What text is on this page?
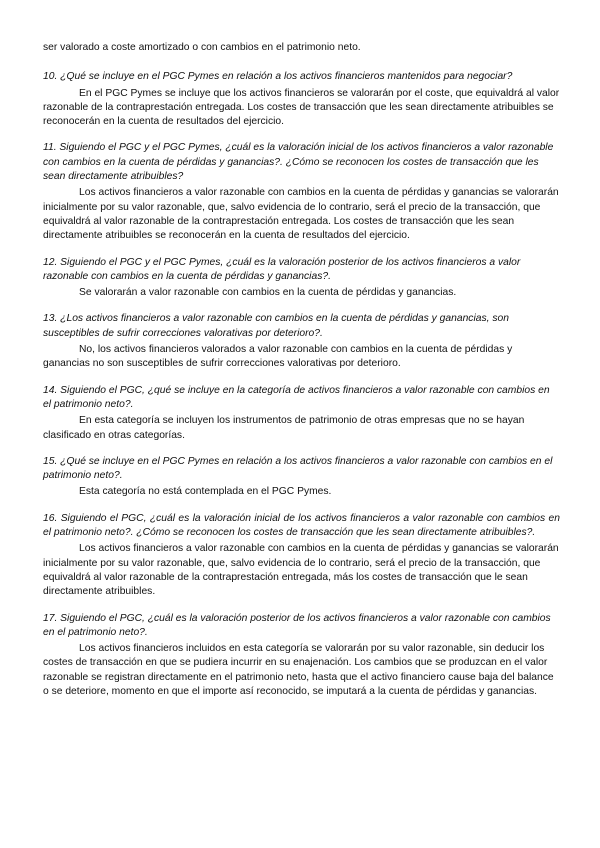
ser valorado a coste amortizado o con cambios en el patrimonio neto.

10. ¿Qué se incluye en el PGC Pymes en relación a los activos financieros mantenidos para negociar?

En el PGC Pymes se incluye que los activos financieros se valorarán por el coste, que equivaldrá al valor razonable de la contraprestación entregada. Los costes de transacción que les sean directamente atribuibles se reconocerán en la cuenta de resultados del ejercicio.

11. Siguiendo el PGC y el PGC Pymes, ¿cuál es la valoración inicial de los activos financieros a valor razonable con cambios en la cuenta de pérdidas y ganancias?. ¿Cómo se reconocen los costes de transacción que les sean directamente atribuibles?

Los activos financieros a valor razonable con cambios en la cuenta de pérdidas y ganancias se valorarán inicialmente por su valor razonable, que, salvo evidencia de lo contrario, será el precio de la transacción, que equivaldrá al valor razonable de la contraprestación entregada. Los costes de transacción que les sean directamente atribuibles se reconocerán en la cuenta de resultados del ejercicio.

12. Siguiendo el PGC y el PGC Pymes, ¿cuál es la valoración posterior de los activos financieros a valor razonable con cambios en la cuenta de pérdidas y ganancias?.

Se valorarán a valor razonable con cambios en la cuenta de pérdidas y ganancias.

13. ¿Los activos financieros a valor razonable con cambios en la cuenta de pérdidas y ganancias, son susceptibles de sufrir correcciones valorativas por deterioro?.

No, los activos financieros valorados a valor razonable con cambios en la cuenta de pérdidas y ganancias no son susceptibles de sufrir correcciones valorativas por deterioro.

14. Siguiendo el PGC, ¿qué se incluye en la categoría de activos financieros a valor razonable con cambios en el patrimonio neto?.

En esta categoría se incluyen los instrumentos de patrimonio de otras empresas que no se hayan clasificado en otras categorías.

15. ¿Qué se incluye en el PGC Pymes en relación a los activos financieros a valor razonable con cambios en el patrimonio neto?.

Esta categoría no está contemplada en el PGC Pymes.

16. Siguiendo el PGC, ¿cuál es la valoración inicial de los activos financieros a valor razonable con cambios en el patrimonio neto?. ¿Cómo se reconocen los costes de transacción que les sean directamente atribuibles?.

Los activos financieros a valor razonable con cambios en la cuenta de pérdidas y ganancias se valorarán inicialmente por su valor razonable, que, salvo evidencia de lo contrario, será el precio de la transacción, que equivaldrá al valor razonable de la contraprestación entregada, más los costes de transacción que le sean directamente atribuibles.

17. Siguiendo el PGC, ¿cuál es la valoración posterior de los activos financieros a valor razonable con cambios en el patrimonio neto?.

Los activos financieros incluidos en esta categoría se valorarán por su valor razonable, sin deducir los costes de transacción en que se pudiera incurrir en su enajenación. Los cambios que se produzcan en el valor razonable se registran directamente en el patrimonio neto, hasta que el activo financiero cause baja del balance o se deteriore, momento en que el importe así reconocido, se imputará a la cuenta de pérdidas y ganancias.
